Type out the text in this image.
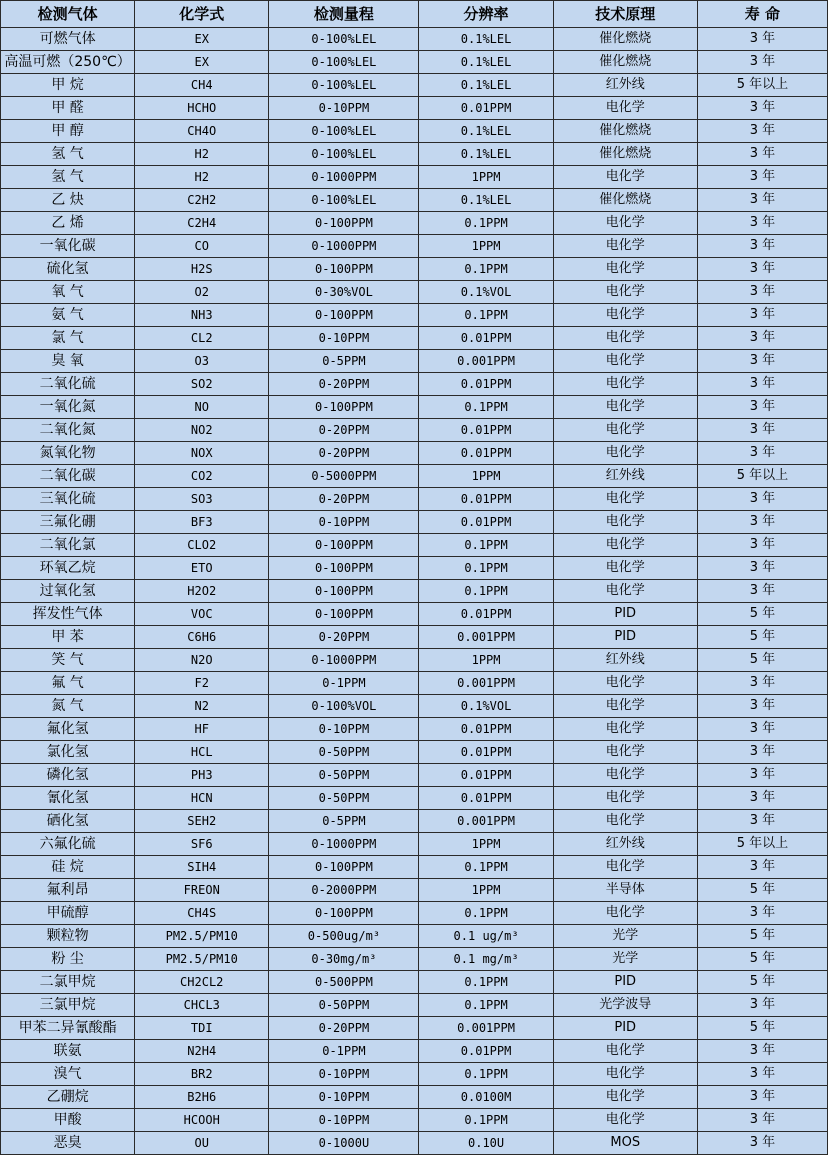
检测气体	化学式	检测量程	分辨率	技术原理	寿 命
可燃气体	EX	0-100%LEL	0.1%LEL	催化燃烧	3 年
高温可燃（250℃）	EX	0-100%LEL	0.1%LEL	催化燃烧	3 年
甲 烷	CH4	0-100%LEL	0.1%LEL	红外线	5 年以上
甲 醛	HCHO	0-10PPM	0.01PPM	电化学	3 年
甲 醇	CH4O	0-100%LEL	0.1%LEL	催化燃烧	3 年
氢 气	H2	0-100%LEL	0.1%LEL	催化燃烧	3 年
氢 气	H2	0-1000PPM	1PPM	电化学	3 年
乙 炔	C2H2	0-100%LEL	0.1%LEL	催化燃烧	3 年
乙 烯	C2H4	0-100PPM	0.1PPM	电化学	3 年
一氧化碳	CO	0-1000PPM	1PPM	电化学	3 年
硫化氢	H2S	0-100PPM	0.1PPM	电化学	3 年
氧 气	O2	0-30%VOL	0.1%VOL	电化学	3 年
氨 气	NH3	0-100PPM	0.1PPM	电化学	3 年
氯 气	CL2	0-10PPM	0.01PPM	电化学	3 年
臭 氧	O3	0-5PPM	0.001PPM	电化学	3 年
二氧化硫	SO2	0-20PPM	0.01PPM	电化学	3 年
一氧化氮	NO	0-100PPM	0.1PPM	电化学	3 年
二氧化氮	NO2	0-20PPM	0.01PPM	电化学	3 年
氮氧化物	NOX	0-20PPM	0.01PPM	电化学	3 年
二氧化碳	CO2	0-5000PPM	1PPM	红外线	5 年以上
三氧化硫	SO3	0-20PPM	0.01PPM	电化学	3 年
三氟化硼	BF3	0-10PPM	0.01PPM	电化学	3 年
二氧化氯	CLO2	0-100PPM	0.1PPM	电化学	3 年
环氧乙烷	ETO	0-100PPM	0.1PPM	电化学	3 年
过氧化氢	H2O2	0-100PPM	0.1PPM	电化学	3 年
挥发性气体	VOC	0-100PPM	0.01PPM	PID	5 年
甲 苯	C6H6	0-20PPM	0.001PPM	PID	5 年
笑 气	N2O	0-1000PPM	1PPM	红外线	5 年
氟 气	F2	0-1PPM	0.001PPM	电化学	3 年
氮 气	N2	0-100%VOL	0.1%VOL	电化学	3 年
氟化氢	HF	0-10PPM	0.01PPM	电化学	3 年
氯化氢	HCL	0-50PPM	0.01PPM	电化学	3 年
磷化氢	PH3	0-50PPM	0.01PPM	电化学	3 年
氰化氢	HCN	0-50PPM	0.01PPM	电化学	3 年
硒化氢	SEH2	0-5PPM	0.001PPM	电化学	3 年
六氟化硫	SF6	0-1000PPM	1PPM	红外线	5 年以上
硅 烷	SIH4	0-100PPM	0.1PPM	电化学	3 年
氟利昂	FREON	0-2000PPM	1PPM	半导体	5 年
甲硫醇	CH4S	0-100PPM	0.1PPM	电化学	3 年
颗粒物	PM2.5/PM10	0-500ug/m³	0.1 ug/m³	光学	5 年
粉 尘	PM2.5/PM10	0-30mg/m³	0.1 mg/m³	光学	5 年
二氯甲烷	CH2CL2	0-500PPM	0.1PPM	PID	5 年
三氯甲烷	CHCL3	0-50PPM	0.1PPM	光学波导	3 年
甲苯二异氰酸酯	TDI	0-20PPM	0.001PPM	PID	5 年
联氨	N2H4	0-1PPM	0.01PPM	电化学	3 年
溴气	BR2	0-10PPM	0.1PPM	电化学	3 年
乙硼烷	B2H6	0-10PPM	0.0100M	电化学	3 年
甲酸	HCOOH	0-10PPM	0.1PPM	电化学	3 年
恶臭	OU	0-1000U	0.10U	MOS	3 年
